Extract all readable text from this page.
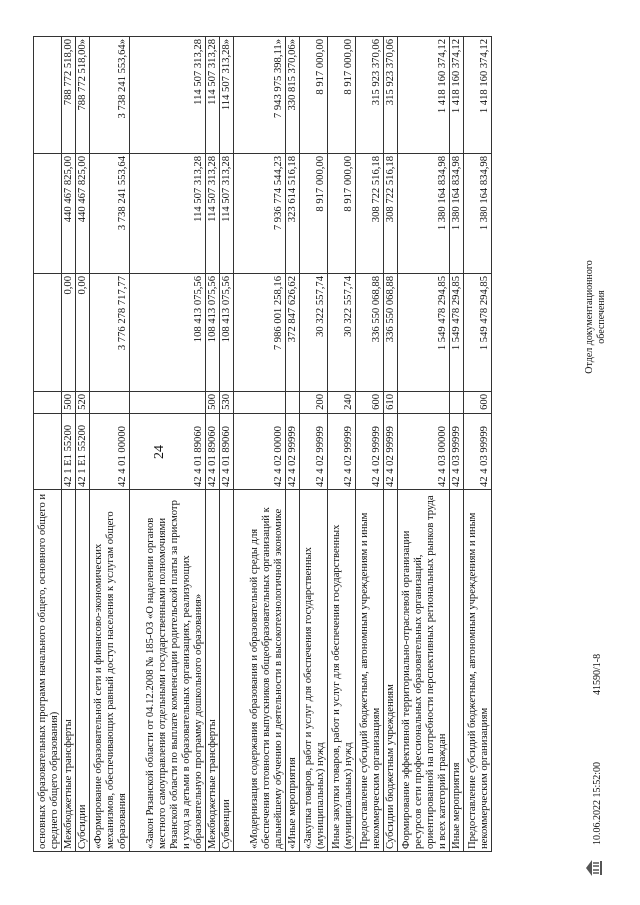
24
основных образовательных программ начального общего, основного общего и среднего общего образования)					
Межбюджетные трансферты	42 1 E1 55200	500	0,00	440 467 825,00	788 772 518,00
Субсидии	42 1 E1 55200	520	0,00	440 467 825,00	788 772 518,00»
«Формирование образовательной сети и финансово-экономических механизмов, обеспечивающих равный доступ населения к услугам общего образования	42 4 01 00000		3 776 278 717,77	3 738 241 553,64	3 738 241 553,64»
«Закон Рязанской области от 04.12.2008 № 185-ОЗ «О наделении органов местного самоуправления отдельными государственными полномочиями Рязанской области по выплате компенсации родительской платы за присмотр и уход за детьми в образовательных организациях, реализующих образовательную программу дошкольного образования»	42 4 01 89060		108 413 075,56	114 507 313,28	114 507 313,28
Межбюджетные трансферты	42 4 01 89060	500	108 413 075,56	114 507 313,28	114 507 313,28
Субвенции	42 4 01 89060	530	108 413 075,56	114 507 313,28	114 507 313,28»
«Модернизация содержания образования и образовательной среды для обеспечения готовности выпускников общеобразовательных организаций к дальнейшему обучению и деятельности в высокотехнологичной экономике	42 4 02 00000		7 986 001 258,16	7 936 774 544,23	7 943 975 398,11»
«Иные мероприятия	42 4 02 99999		372 847 626,62	323 614 516,18	330 815 370,06»
«Закупка товаров, работ и услуг для обеспечения государственных (муниципальных) нужд	42 4 02 99999	200	30 322 557,74	8 917 000,00	8 917 000,00
Иные закупки товаров, работ и услуг для обеспечения государственных (муниципальных) нужд	42 4 02 99999	240	30 322 557,74	8 917 000,00	8 917 000,00
Предоставление субсидий бюджетным, автономным учреждениям и иным некоммерческим организациям	42 4 02 99999	600	336 550 068,88	308 722 516,18	315 923 370,06
Субсидии бюджетным учреждениям	42 4 02 99999	610	336 550 068,88	308 722 516,18	315 923 370,06
Формирование эффективной территориально-отраслевой организации ресурсов сети профессиональных образовательных организаций, ориентированной на потребности перспективных региональных рынков труда и всех категорий граждан	42 4 03 00000		1 549 478 294,85	1 380 164 834,98	1 418 160 374,12
Иные мероприятия	42 4 03 99999		1 549 478 294,85	1 380 164 834,98	1 418 160 374,12
Предоставление субсидий бюджетным, автономным учреждениям и иным некоммерческим организациям	42 4 03 99999	600	1 549 478 294,85	1 380 164 834,98	1 418 160 374,12
10.06.2022 15:52:00
41590/1-8
Отдел документационного обеспечения
